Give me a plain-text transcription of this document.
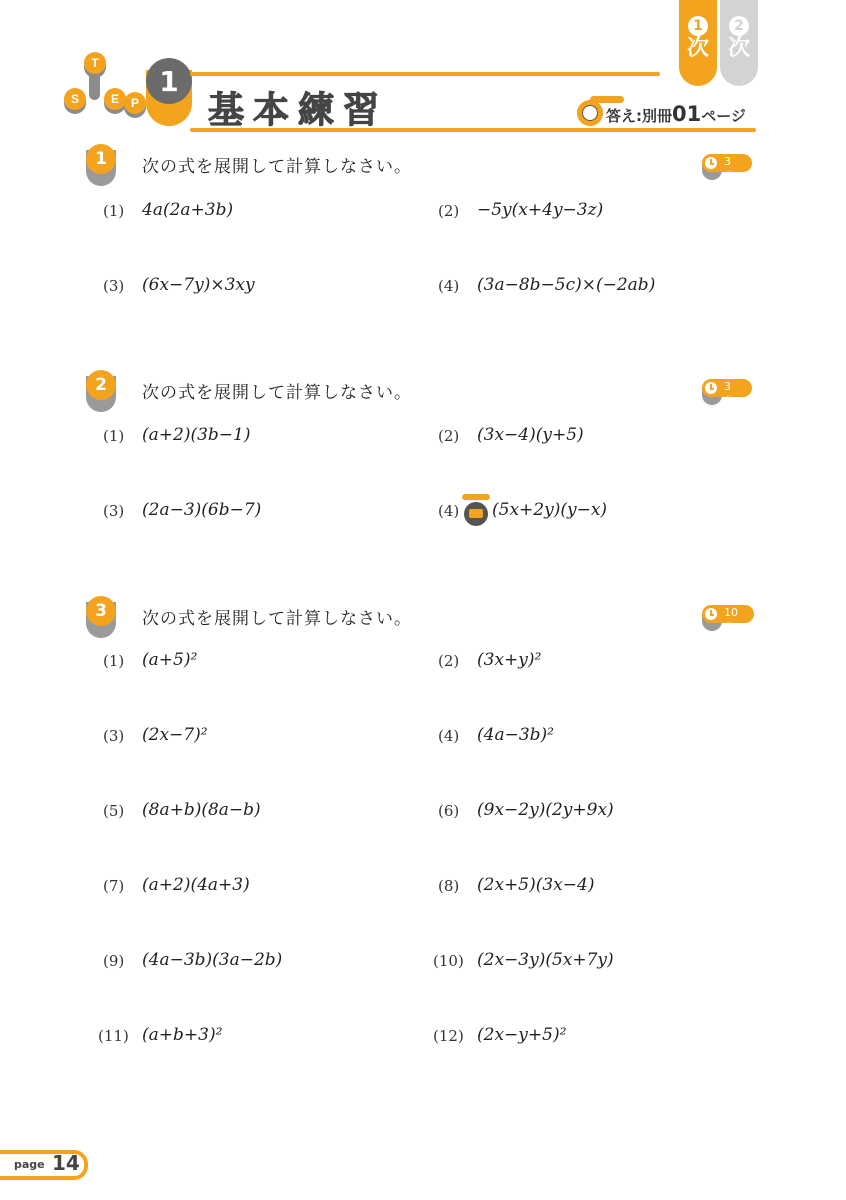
1
次
2
次
S
T
E P
1
基本練習	答え:別冊01ページ
1	次の式を展開して計算しなさい。	3分
(1) 4a(2a+3b)	(2) −5y(x+4y−3z)
(3) (6x−7y)×3xy	(4) (3a−8b−5c)×(−2ab)
2	次の式を展開して計算しなさい。	3分
(1) (a+2)(3b−1)	(2) (3x−4)(y+5)
(3) (2a−3)(6b−7)	(4) (5x+2y)(y−x)
3	次の式を展開して計算しなさい。	10分
(1) (a+5)²	(2) (3x+y)²
(3) (2x−7)²	(4) (4a−3b)²
(5) (8a+b)(8a−b)	(6) (9x−2y)(2y+9x)
(7) (a+2)(4a+3)	(8) (2x+5)(3x−4)
(9) (4a−3b)(3a−2b)	(10) (2x−3y)(5x+7y)
(11) (a+b+3)²	(12) (2x−y+5)²
page 14
